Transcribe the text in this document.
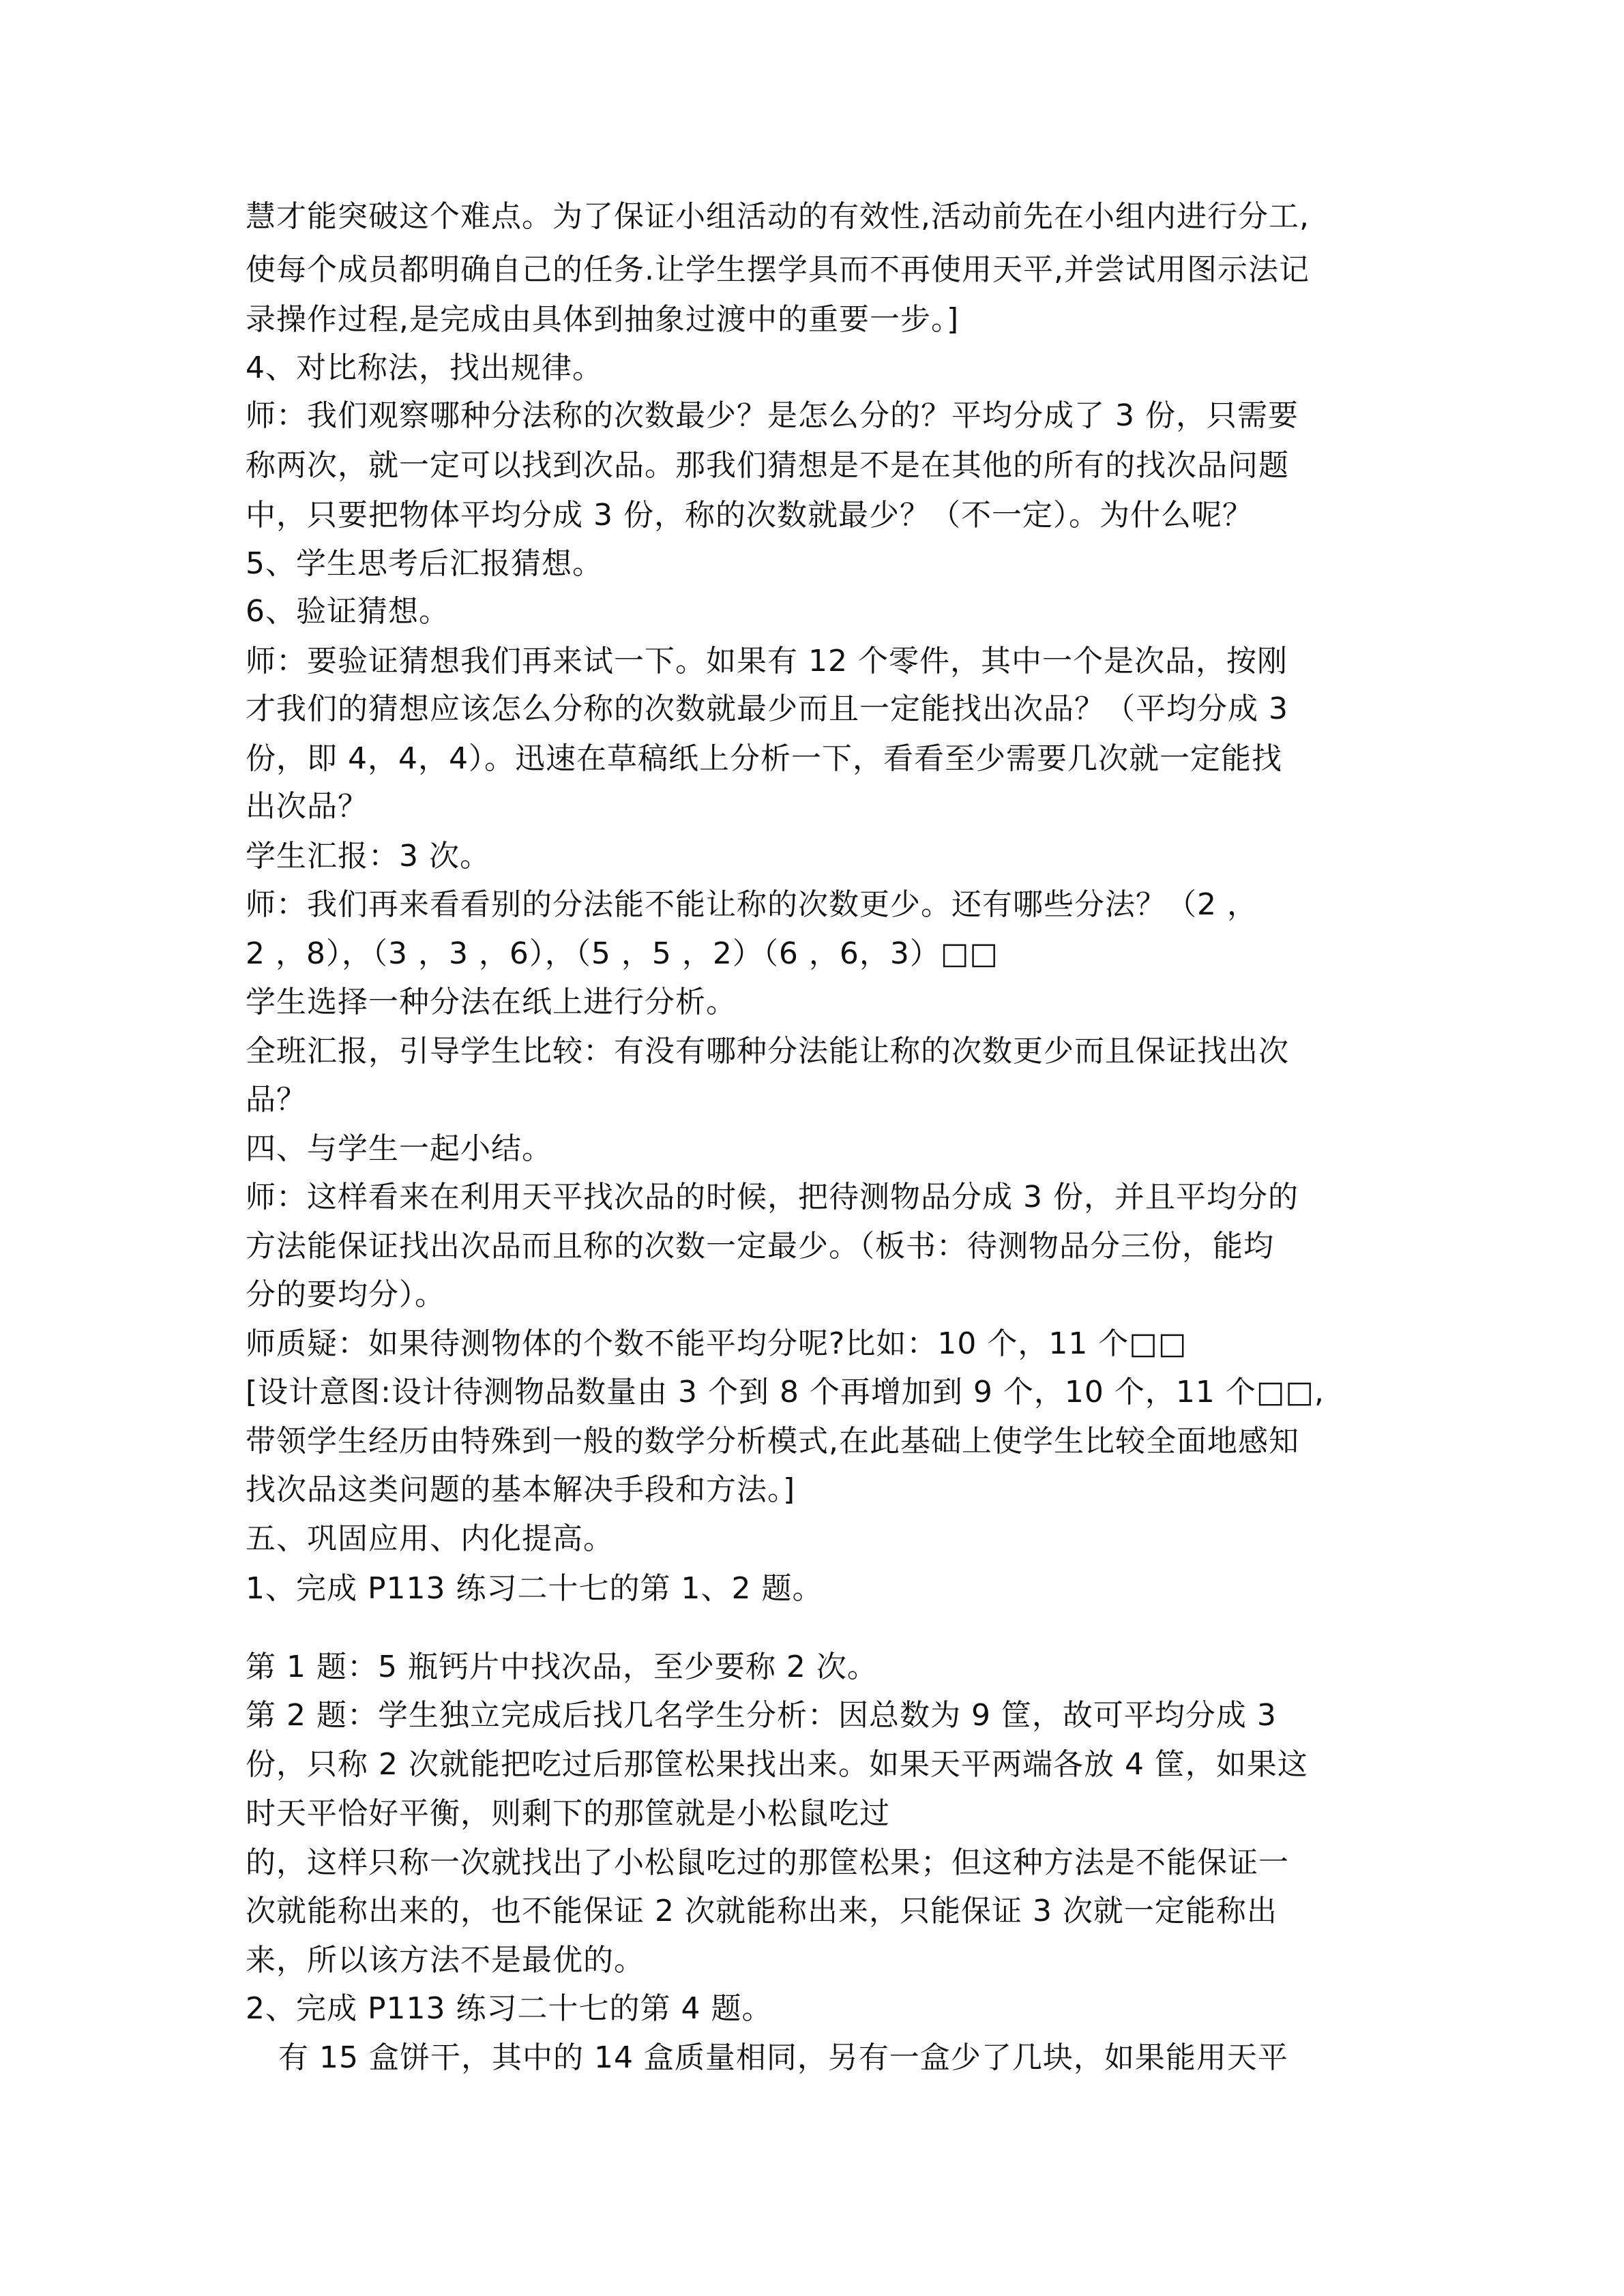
慧才能突破这个难点。为了保证小组活动的有效性,活动前先在小组内进行分工,
使每个成员都明确自己的任务.让学生摆学具而不再使用天平,并尝试用图示法记
录操作过程,是完成由具体到抽象过渡中的重要一步。]
4、对比称法，找出规律。
师：我们观察哪种分法称的次数最少？是怎么分的？平均分成了 3 份，只需要
称两次，就一定可以找到次品。那我们猜想是不是在其他的所有的找次品问题
中，只要把物体平均分成 3 份，称的次数就最少？（不一定）。为什么呢？
5、学生思考后汇报猜想。
6、验证猜想。
师：要验证猜想我们再来试一下。如果有 12 个零件，其中一个是次品，按刚
才我们的猜想应该怎么分称的次数就最少而且一定能找出次品？（平均分成 3
份，即 4，4，4）。迅速在草稿纸上分析一下，看看至少需要几次就一定能找
出次品？
学生汇报：3 次。
师：我们再来看看别的分法能不能让称的次数更少。还有哪些分法？（2 ，
2 ，8），（3 ，3 ，6），（5 ，5 ，2）（6 ，6，3）□□
学生选择一种分法在纸上进行分析。
全班汇报，引导学生比较：有没有哪种分法能让称的次数更少而且保证找出次
品？
四、与学生一起小结。
师：这样看来在利用天平找次品的时候，把待测物品分成 3 份，并且平均分的
方法能保证找出次品而且称的次数一定最少。（板书：待测物品分三份，能均
分的要均分）。
师质疑：如果待测物体的个数不能平均分呢?比如：10 个，11 个□□
[设计意图:设计待测物品数量由 3 个到 8 个再增加到 9 个，10 个，11 个□□,
带领学生经历由特殊到一般的数学分析模式,在此基础上使学生比较全面地感知
找次品这类问题的基本解决手段和方法。]
五、巩固应用、内化提高。
1、完成 P113 练习二十七的第 1、2 题。
第 1 题：5 瓶钙片中找次品，至少要称 2 次。
第 2 题：学生独立完成后找几名学生分析：因总数为 9 筐，故可平均分成 3
份，只称 2 次就能把吃过后那筐松果找出来。如果天平两端各放 4 筐，如果这
时天平恰好平衡，则剩下的那筐就是小松鼠吃过
的，这样只称一次就找出了小松鼠吃过的那筐松果；但这种方法是不能保证一
次就能称出来的，也不能保证 2 次就能称出来，只能保证 3 次就一定能称出
来，所以该方法不是最优的。
2、完成 P113 练习二十七的第 4 题。
有 15 盒饼干，其中的 14 盒质量相同，另有一盒少了几块，如果能用天平
